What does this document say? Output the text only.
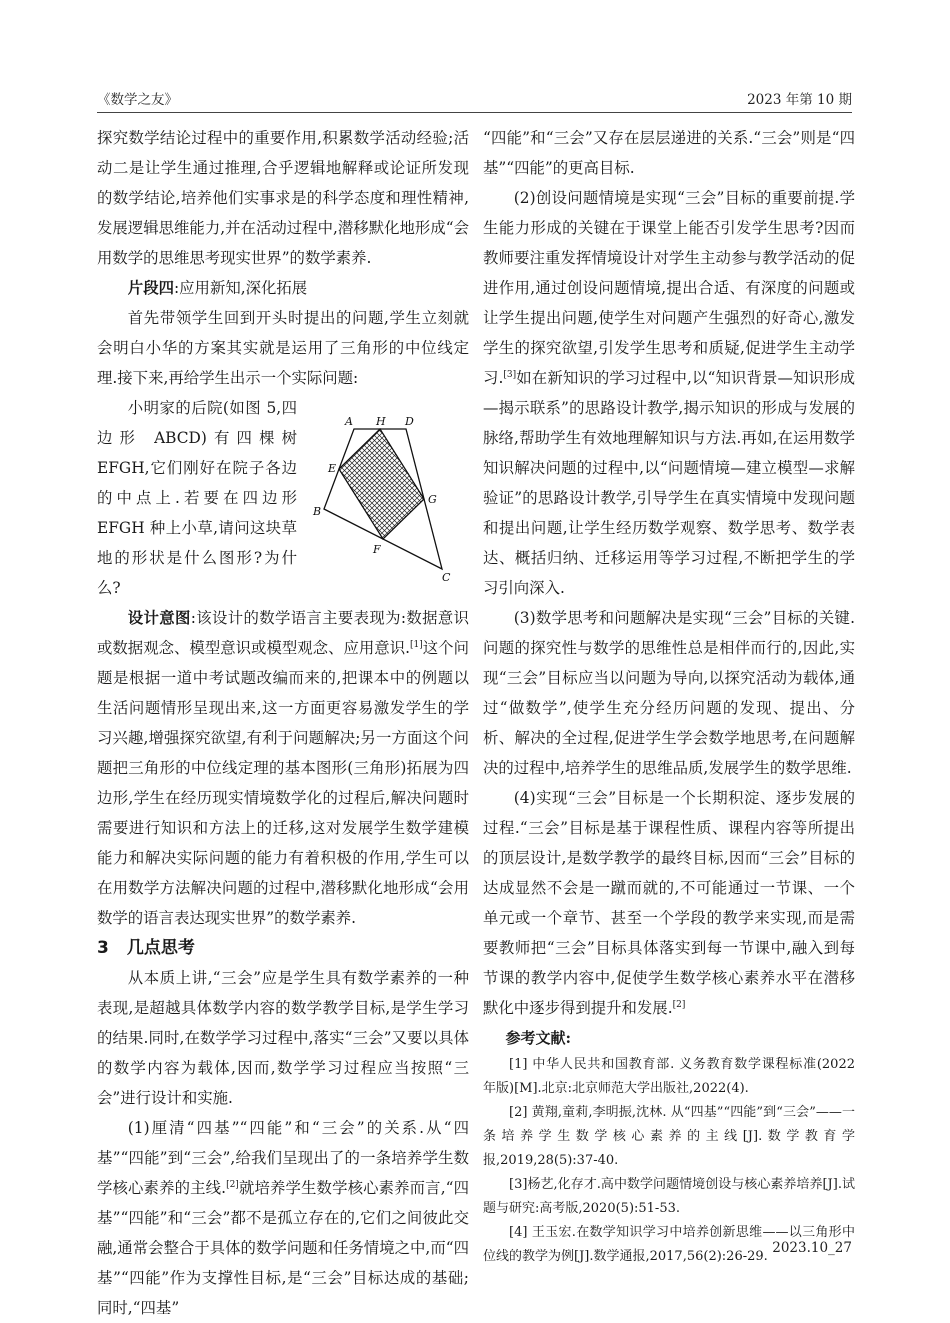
《数学之友》	2023 年第 10 期

探究数学结论过程中的重要作用,积累数学活动经验;活动二是让学生通过推理,合乎逻辑地解释或论证所发现的数学结论,培养他们实事求是的科学态度和理性精神,发展逻辑思维能力,并在活动过程中,潜移默化地形成“会用数学的思维思考现实世界”的数学素养.

片段四:应用新知,深化拓展

首先带领学生回到开头时提出的问题,学生立刻就会明白小华的方案其实就是运用了三角形的中位线定理.接下来,再给学生出示一个实际问题:

小明家的后院(如图 5,四边形 ABCD)有四棵树 EFGH,它们刚好在院子各边的中点上.若要在四边形 EFGH 种上小草,请问这块草地的形状是什么图形?为什么?

A H D
E
G
B
F
C

设计意图:该设计的数学语言主要表现为:数据意识或数据观念、模型意识或模型观念、应用意识.[1]这个问题是根据一道中考试题改编而来的,把课本中的例题以生活问题情形呈现出来,这一方面更容易激发学生的学习兴趣,增强探究欲望,有利于问题解决;另一方面这个问题把三角形的中位线定理的基本图形(三角形)拓展为四边形,学生在经历现实情境数学化的过程后,解决问题时需要进行知识和方法上的迁移,这对发展学生数学建模能力和解决实际问题的能力有着积极的作用,学生可以在用数学方法解决问题的过程中,潜移默化地形成“会用数学的语言表达现实世界”的数学素养.

3 几点思考

从本质上讲,“三会”应是学生具有数学素养的一种表现,是超越具体数学内容的数学教学目标,是学生学习的结果.同时,在数学学习过程中,落实“三会”又要以具体的数学内容为载体,因而,数学学习过程应当按照“三会”进行设计和实施.

(1)厘清“四基”“四能”和“三会”的关系.从“四基”“四能”到“三会”,给我们呈现出了的一条培养学生数学核心素养的主线.[2]就培养学生数学核心素养而言,“四基”“四能”和“三会”都不是孤立存在的,它们之间彼此交融,通常会整合于具体的数学问题和任务情境之中,而“四基”“四能”作为支撑性目标,是“三会”目标达成的基础;同时,“四基”

“四能”和“三会”又存在层层递进的关系.“三会”则是“四基”“四能”的更高目标.

(2)创设问题情境是实现“三会”目标的重要前提.学生能力形成的关键在于课堂上能否引发学生思考?因而教师要注重发挥情境设计对学生主动参与教学活动的促进作用,通过创设问题情境,提出合适、有深度的问题或让学生提出问题,使学生对问题产生强烈的好奇心,激发学生的探究欲望,引发学生思考和质疑,促进学生主动学习.[3]如在新知识的学习过程中,以“知识背景—知识形成—揭示联系”的思路设计教学,揭示知识的形成与发展的脉络,帮助学生有效地理解知识与方法.再如,在运用数学知识解决问题的过程中,以“问题情境—建立模型—求解验证”的思路设计教学,引导学生在真实情境中发现问题和提出问题,让学生经历数学观察、数学思考、数学表达、概括归纳、迁移运用等学习过程,不断把学生的学习引向深入.

(3)数学思考和问题解决是实现“三会”目标的关键.问题的探究性与数学的思维性总是相伴而行的,因此,实现“三会”目标应当以问题为导向,以探究活动为载体,通过“做数学”,使学生充分经历问题的发现、提出、分析、解决的全过程,促进学生学会数学地思考,在问题解决的过程中,培养学生的思维品质,发展学生的数学思维.

(4)实现“三会”目标是一个长期积淀、逐步发展的过程.“三会”目标是基于课程性质、课程内容等所提出的顶层设计,是数学教学的最终目标,因而“三会”目标的达成显然不会是一蹴而就的,不可能通过一节课、一个单元或一个章节、甚至一个学段的教学来实现,而是需要教师把“三会”目标具体落实到每一节课中,融入到每节课的教学内容中,促使学生数学核心素养水平在潜移默化中逐步得到提升和发展.[2]

参考文献:

[1] 中华人民共和国教育部. 义务教育数学课程标准(2022 年版)[M].北京:北京师范大学出版社,2022(4).

[2] 黄翔,童莉,李明振,沈林. 从“四基”“四能”到“三会”——一条培养学生数学核心素养的主线[J].数学教育学报,2019,28(5):37-40.

[3]杨艺,化存才.高中数学问题情境创设与核心素养培养[J].试题与研究:高考版,2020(5):51-53.

[4] 王玉宏.在数学知识学习中培养创新思维——以三角形中位线的教学为例[J].数学通报,2017,56(2):26-29.

2023.10_27
